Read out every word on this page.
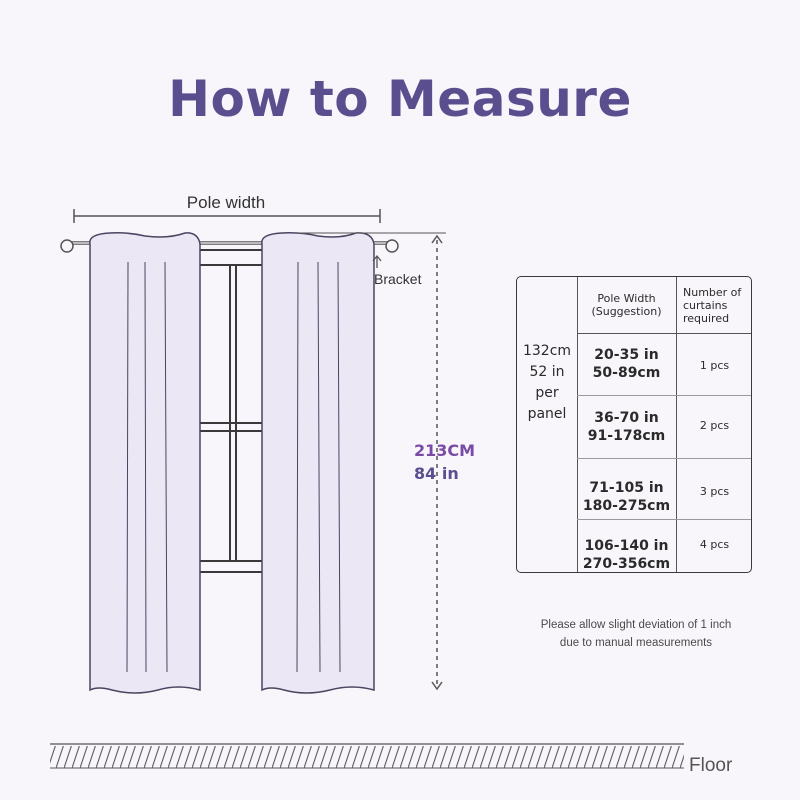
How to Measure
Pole width
Bracket
213CM
84 in
Floor
Pole Width
(Suggestion)
Number of
curtains
required
132cm
52 in
per
panel
20-35 in
50-89cm	1 pcs
36-70 in
91-178cm
2 pcs
71-105 in
180-275cm
3 pcs
106-140 in
270-356cm
4 pcs
Please allow slight deviation of 1 inch
due to manual measurements
